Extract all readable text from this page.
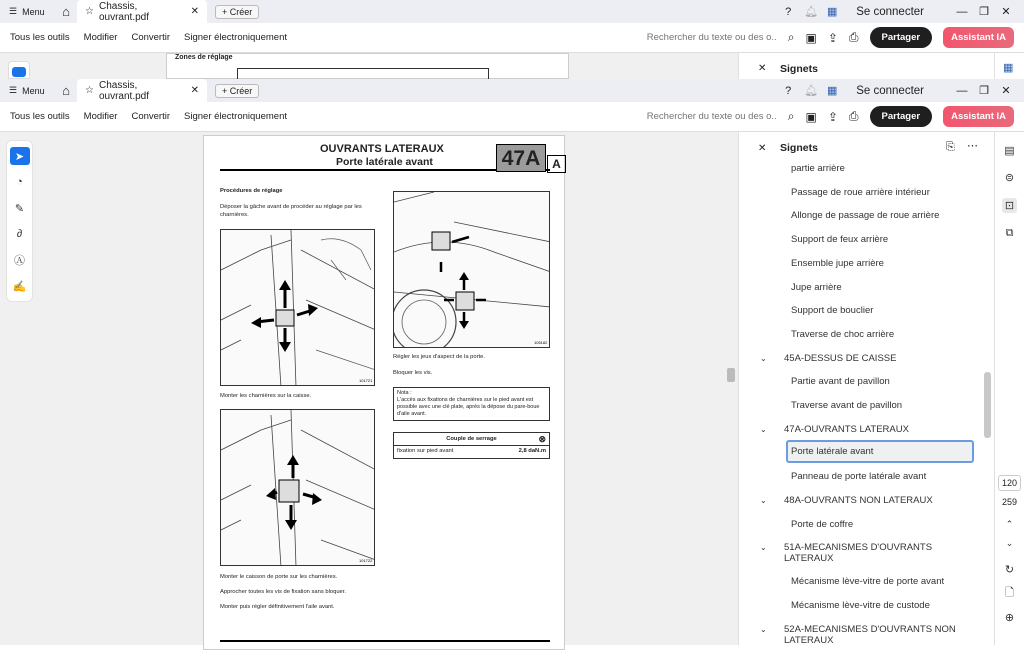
☰ Menu	⌂	☆ Chassis, ouvrant.pdf	✕	+ Créer	? 🔔︎ ▦ Se connecter	— ❐ ✕
Tous les outils Modifier Convertir Signer électroniquement
Rechercher du texte ou des o...	⌕ ▣ ⇪ ⎙	Partager	Assistant IA
Zones de réglage
✕ Signets	▦
☰ Menu	⌂	☆ Chassis, ouvrant.pdf	✕	+ Créer	? 🔔︎ ▦ Se connecter	— ❐ ✕
Tous les outils Modifier Convertir Signer électroniquement
Rechercher du texte ou des o...	⌕ ▣ ⇪ ⎙	Partager	Assistant IA
➤
◔
✎
∂
Ⓐ
✍
OUVRANTS LATERAUX
Porte latérale avant	47A A
Procédures de réglage
Déposer la gâche avant de procéder au réglage par les charnières.
101721
Monter les charnières sur la caisse.
101722
Monter le caisson de porte sur les charnières.
Approcher toutes les vis de fixation sans bloquer.
Monter puis régler définitivement l'aile avant.
105182
Régler les jeux d'aspect de la porte.
Bloquer les vis.
Nota :
L'accès aux fixations de charnières sur le pied avant est possible avec une clé plate, après la dépose du pare-boue d'aile avant.
Couple de serrage	⊗
fixation sur pied avant	2,8 daN.m
✕ Signets	⎘ ⋯
partie arrière
Passage de roue arrière intérieur
Allonge de passage de roue arrière
Support de feux arrière
Ensemble jupe arrière
Jupe arrière
Support de bouclier
Traverse de choc arrière
⌄ 45A-DESSUS DE CAISSE
Partie avant de pavillon
Traverse avant de pavillon
⌄ 47A-OUVRANTS LATERAUX
Porte latérale avant
Panneau de porte latérale avant
⌄ 48A-OUVRANTS NON LATERAUX
Porte de coffre
⌄ 51A-MECANISMES D'OUVRANTS LATERAUX
Mécanisme lève-vitre de porte avant
Mécanisme lève-vitre de custode
⌄ 52A-MECANISMES D'OUVRANTS NON LATERAUX
▤
⊜
⊡
⧉
120
259
⌃
⌄
↻
🗋︎
⊕
